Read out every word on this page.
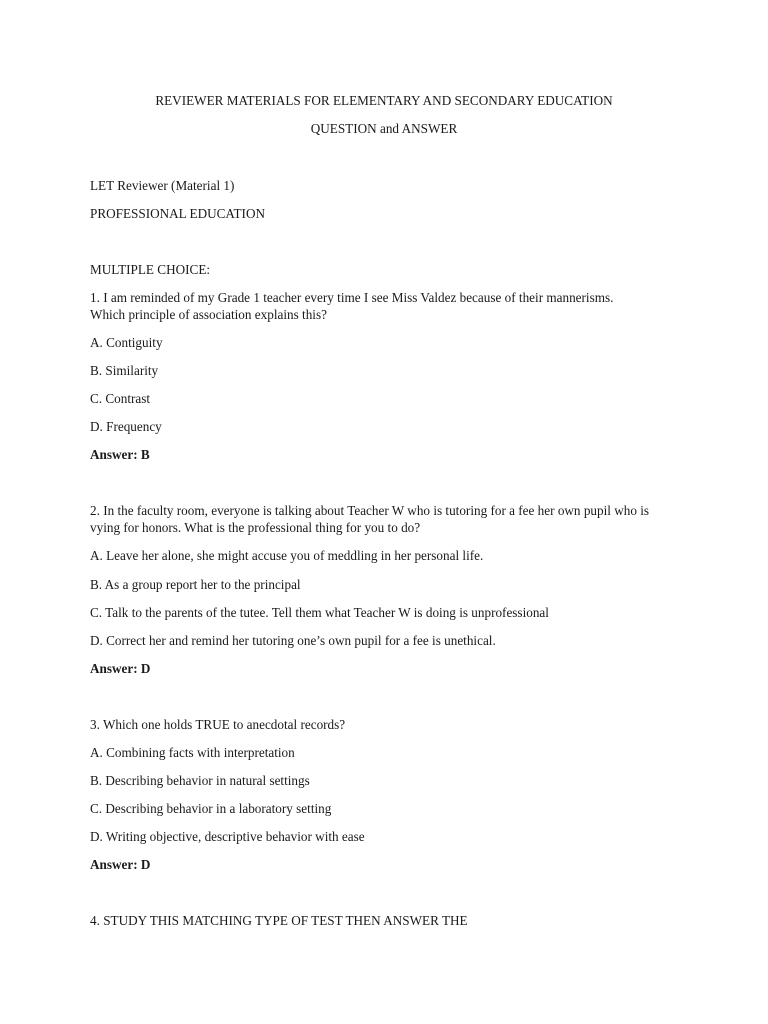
REVIEWER MATERIALS FOR ELEMENTARY AND SECONDARY EDUCATION
QUESTION and ANSWER
LET Reviewer (Material 1)
PROFESSIONAL EDUCATION
MULTIPLE CHOICE:
1. I am reminded of my Grade 1 teacher every time I see Miss Valdez because of their mannerisms.
Which principle of association explains this?
A. Contiguity
B. Similarity
C. Contrast
D. Frequency
Answer: B
2. In the faculty room, everyone is talking about Teacher W who is tutoring for a fee her own pupil who is
vying for honors. What is the professional thing for you to do?
A. Leave her alone, she might accuse you of meddling in her personal life.
B. As a group report her to the principal
C. Talk to the parents of the tutee. Tell them what Teacher W is doing is unprofessional
D. Correct her and remind her tutoring one’s own pupil for a fee is unethical.
Answer: D
3. Which one holds TRUE to anecdotal records?
A. Combining facts with interpretation
B. Describing behavior in natural settings
C. Describing behavior in a laboratory setting
D. Writing objective, descriptive behavior with ease
Answer: D
4. STUDY THIS MATCHING TYPE OF TEST THEN ANSWER THE
